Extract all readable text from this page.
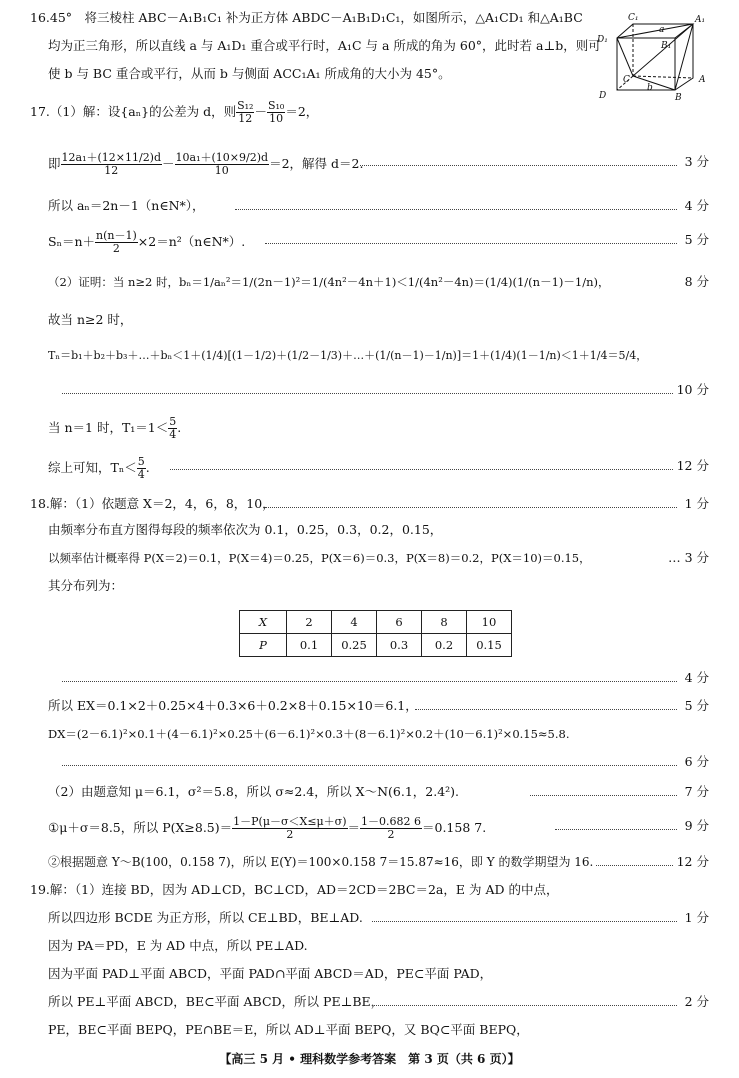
C₁
a
A₁
D₁
B₁
C
b
D	B
A
16.45°　将三棱柱 ABC－A₁B₁C₁ 补为正方体 ABDC－A₁B₁D₁C₁，如图所示，△A₁CD₁ 和△A₁BC
均为正三角形，所以直线 a 与 A₁D₁ 重合或平行时，A₁C 与 a 所成的角为 60°，此时若 a⊥b，则可
使 b 与 BC 重合或平行，从而 b 与侧面 ACC₁A₁ 所成角的大小为 45°。
17.（1）解：设{aₙ}的公差为 d，则 $\frac{\text{S₁₂}}{12} - \frac{\text{S₁₀}}{10} =2$，
即 $\frac{\text{12a₁＋(12×11/2)d}}{12} - \frac{\text{10a₁＋(10×9/2)d}}{10} =2$，解得 d＝2.	3 分
所以 aₙ＝2n－1（n∈N*），	4 分
$S_n=n+ \frac{n(n-1)}{2}$ ×2＝n²（n∈N*）.	5 分
（2）证明：当 n≥2 时，bₙ＝1/aₙ²＝1/(2n－1)²＝1/(4n²－4n＋1)＜1/(4n²－4n)＝(1/4)(1/(n－1)－1/n)，	8 分
故当 n≥2 时，
Tₙ＝b₁＋b₂＋b₃＋…＋bₙ＜1＋(1/4)[(1－1/2)＋(1/2－1/3)＋…＋(1/(n－1)－1/n)]＝1＋(1/4)(1－1/n)＜1＋1/4＝5/4，
10 分
当 n＝1 时，$T_1=1< \frac{5}{4}$ .
综上可知，$T_n< \frac{5}{4}$ .	12 分
18.解：（1）依题意 X＝2，4，6，8，10，	1 分
由频率分布直方图得每段的频率依次为 0.1，0.25，0.3，0.2，0.15，
以频率估计概率得 P(X＝2)＝0.1，P(X＝4)＝0.25，P(X＝6)＝0.3，P(X＝8)＝0.2，P(X＝10)＝0.15，	… 3 分
其分布列为：
X	2	4	6	8	10
P	0.1	0.25	0.3	0.2	0.15
4 分
所以 EX＝0.1×2＋0.25×4＋0.3×6＋0.2×8＋0.15×10＝6.1，	5 分
DX＝(2－6.1)²×0.1＋(4－6.1)²×0.25＋(6－6.1)²×0.3＋(8－6.1)²×0.2＋(10－6.1)²×0.15≈5.8.
6 分
（2）由题意知 μ＝6.1，σ²＝5.8，所以 σ≈2.4，所以 X～N(6.1，2.4²).	7 分
①μ＋σ＝8.5，所以 $P(X\ge 8.5)= \frac{1-P(\mu-\sigma<X\le\mu+\sigma)}{2} = \frac{1-0.682 6}{2} =0.158$ 7.	9 分
②根据题意 Y～B(100，0.158 7)，所以 E(Y)＝100×0.158 7＝15.87≈16，即 Y 的数学期望为 16.	12 分
19.解：（1）连接 BD，因为 AD⊥CD，BC⊥CD，AD＝2CD＝2BC＝2a，E 为 AD 的中点，
所以四边形 BCDE 为正方形，所以 CE⊥BD，BE⊥AD.	1 分
因为 PA＝PD，E 为 AD 中点，所以 PE⊥AD.
因为平面 PAD⊥平面 ABCD，平面 PAD∩平面 ABCD＝AD，PE⊂平面 PAD，
所以 PE⊥平面 ABCD，BE⊂平面 ABCD，所以 PE⊥BE，	2 分
PE，BE⊂平面 BEPQ，PE∩BE＝E，所以 AD⊥平面 BEPQ，又 BQ⊂平面 BEPQ，
【高三 5 月 • 理科数学参考答案　第 3 页（共 6 页）】
